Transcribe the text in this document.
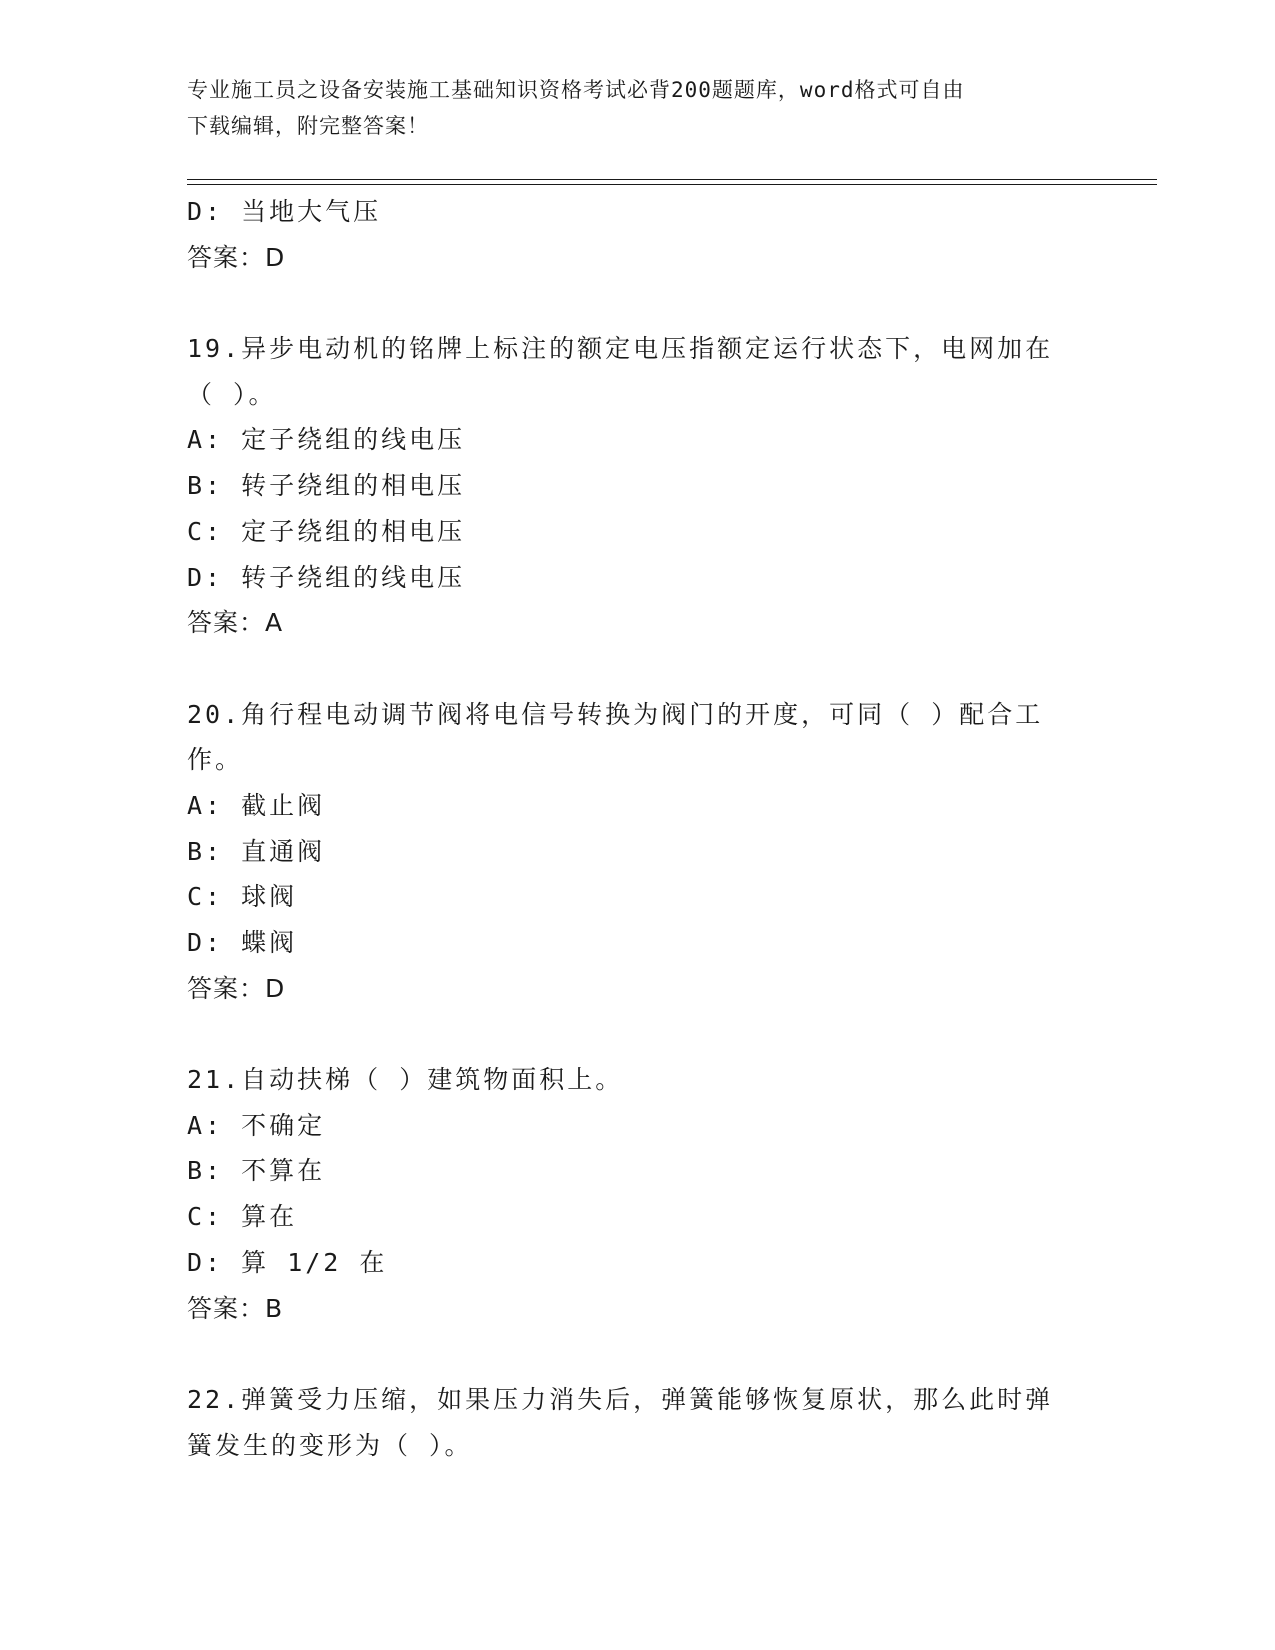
专业施工员之设备安装施工基础知识资格考试必背200题题库，word格式可自由
下载编辑，附完整答案！
D: 当地大气压
答案：D
19.异步电动机的铭牌上标注的额定电压指额定运行状态下，电网加在
（ ）。
A: 定子绕组的线电压
B: 转子绕组的相电压
C: 定子绕组的相电压
D: 转子绕组的线电压
答案：A
20.角行程电动调节阀将电信号转换为阀门的开度，可同（ ）配合工
作。
A: 截止阀
B: 直通阀
C: 球阀
D: 蝶阀
答案：D
21.自动扶梯（ ）建筑物面积上。
A: 不确定
B: 不算在
C: 算在
D: 算 1/2 在
答案：B
22.弹簧受力压缩，如果压力消失后，弹簧能够恢复原状，那么此时弹
簧发生的变形为（ ）。
